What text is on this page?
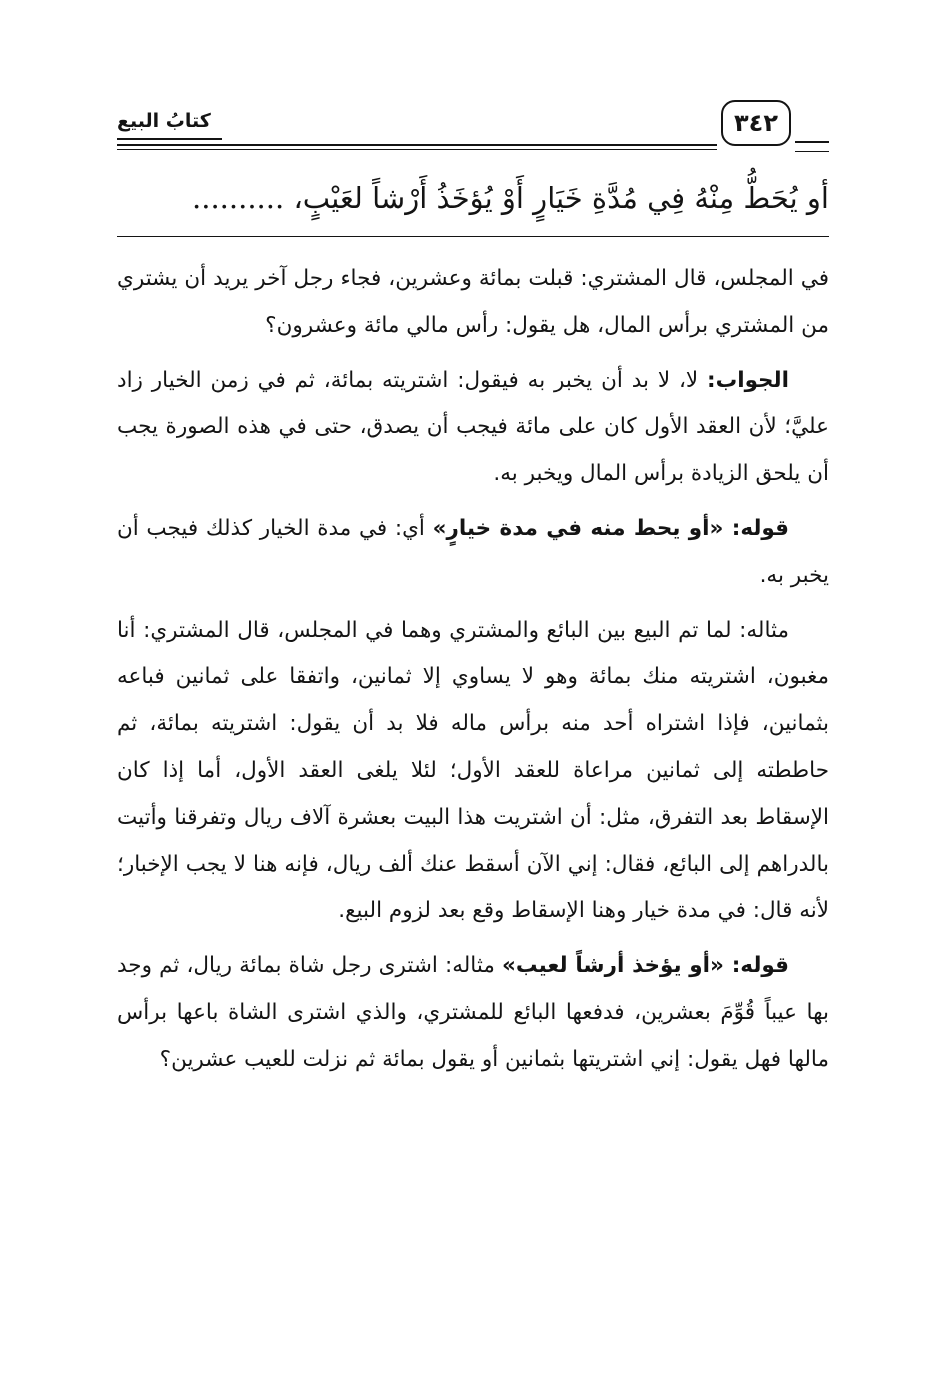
كتابُ البيع	٣٤٢
أو يُحَطُّ مِنْهُ فِي مُدَّةِ خَيَارٍ أَوْ يُؤخَذُ أَرْشاً لعَيْبٍ، ..........

في المجلس، قال المشتري: قبلت بمائة وعشرين، فجاء رجل آخر يريد أن يشتري من المشتري برأس المال، هل يقول: رأس مالي مائة وعشرون؟

الجواب: لا، لا بد أن يخبر به فيقول: اشتريته بمائة، ثم في زمن الخيار زاد عليَّ؛ لأن العقد الأول كان على مائة فيجب أن يصدق، حتى في هذه الصورة يجب أن يلحق الزيادة برأس المال ويخبر به.

قوله: «أو يحط منه في مدة خيارٍ» أي: في مدة الخيار كذلك فيجب أن يخبر به.

مثاله: لما تم البيع بين البائع والمشتري وهما في المجلس، قال المشتري: أنا مغبون، اشتريته منك بمائة وهو لا يساوي إلا ثمانين، واتفقا على ثمانين فباعه بثمانين، فإذا اشتراه أحد منه برأس ماله فلا بد أن يقول: اشتريته بمائة، ثم حاططته إلى ثمانين مراعاة للعقد الأول؛ لئلا يلغى العقد الأول، أما إذا كان الإسقاط بعد التفرق، مثل: أن اشتريت هذا البيت بعشرة آلاف ريال وتفرقنا وأتيت بالدراهم إلى البائع، فقال: إني الآن أسقط عنك ألف ريال، فإنه هنا لا يجب الإخبار؛ لأنه قال: في مدة خيار وهنا الإسقاط وقع بعد لزوم البيع.

قوله: «أو يؤخذ أرشاً لعيب» مثاله: اشترى رجل شاة بمائة ريال، ثم وجد بها عيباً قُوِّمَ بعشرين، فدفعها البائع للمشتري، والذي اشترى الشاة باعها برأس مالها فهل يقول: إني اشتريتها بثمانين أو يقول بمائة ثم نزلت للعيب عشرين؟
